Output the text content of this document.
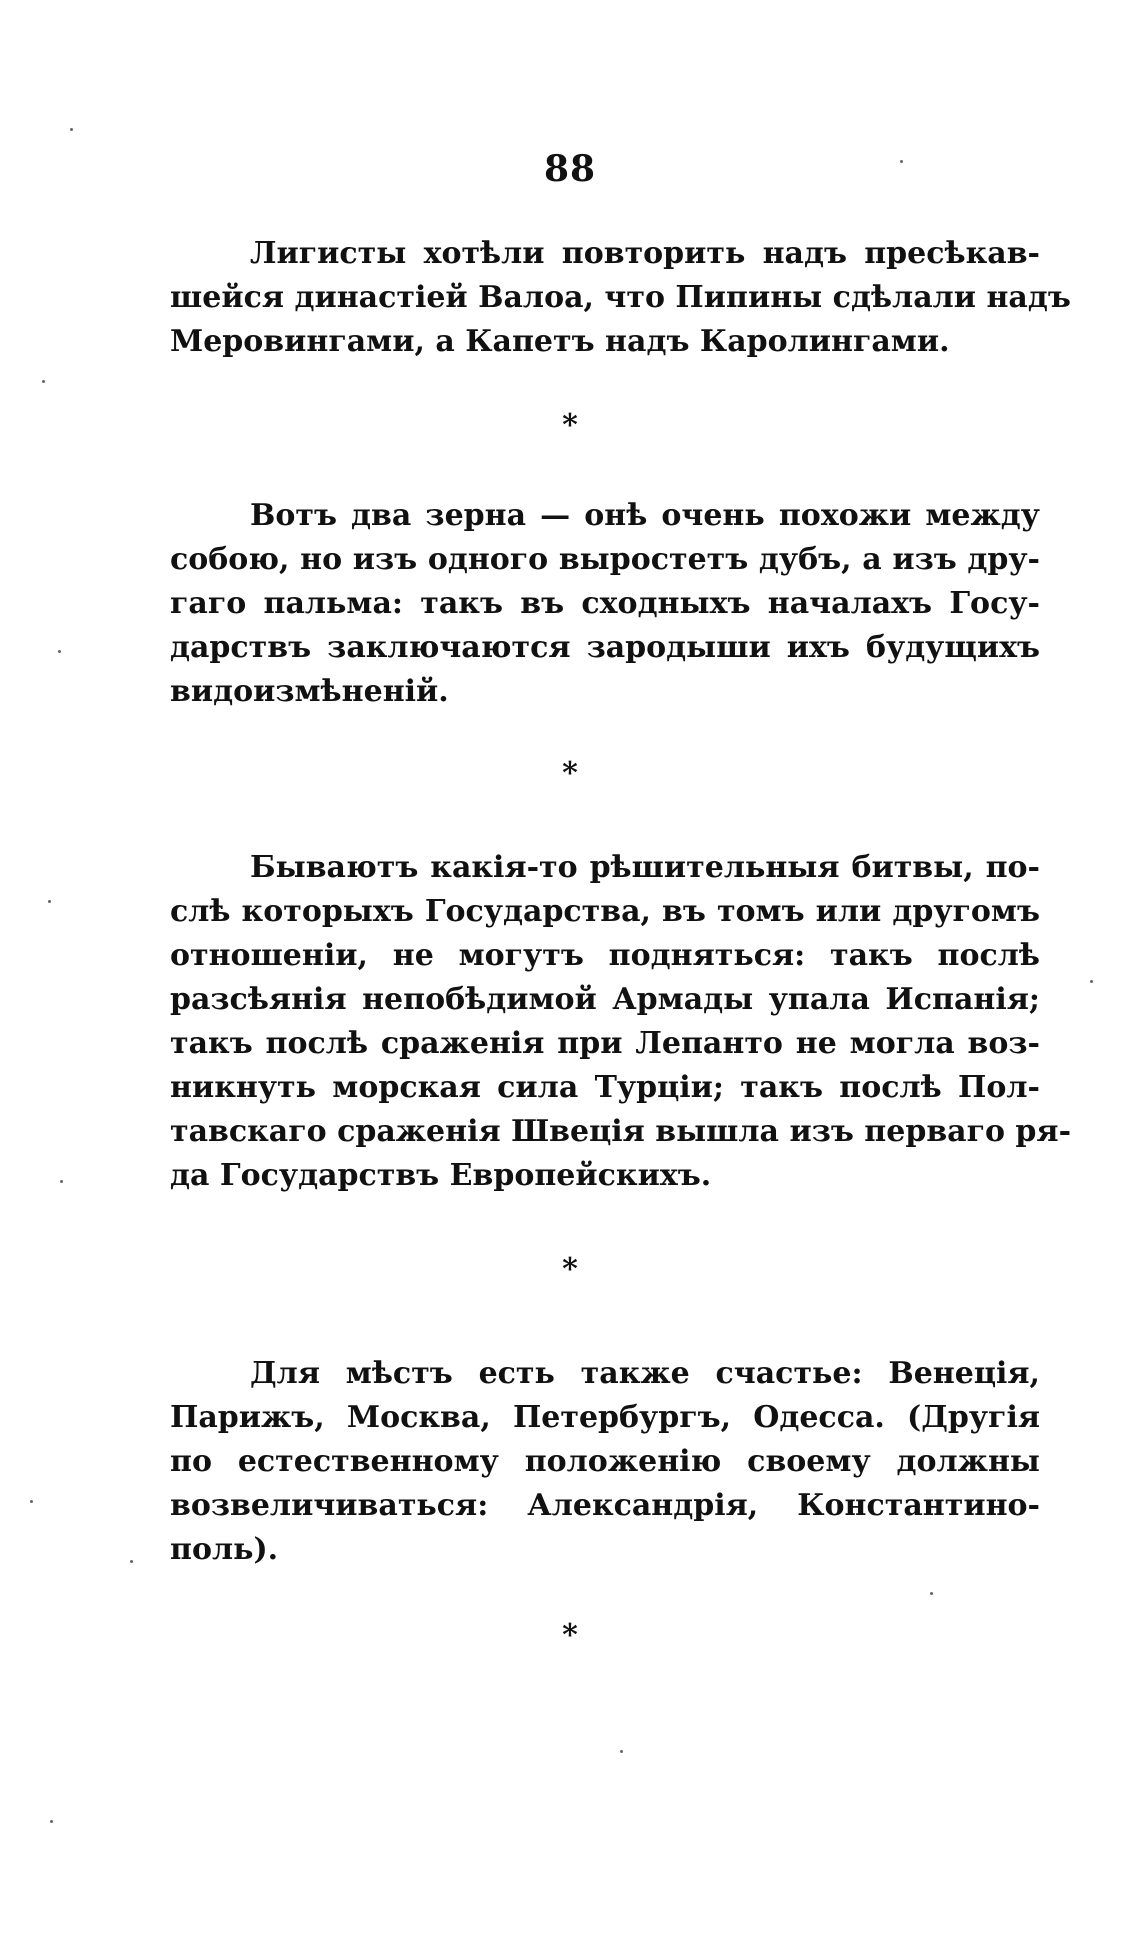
88

Лигисты хотѣли повторить надъ пресѣкав-
шейся династіей Валоа, что Пипины сдѣлали надъ
Меровингами, а Капетъ надъ Каролингами.

*

Вотъ два зерна — онѣ очень похожи между
собою, но изъ одного выростетъ дубъ, а изъ дру-
гаго пальма: такъ въ сходныхъ началахъ Госу-
дарствъ заключаются зародыши ихъ будущихъ
видоизмѣненій.

*

Бываютъ какія-то рѣшительныя битвы, по-
слѣ которыхъ Государства, въ томъ или другомъ
отношеніи, не могутъ подняться: такъ послѣ
разсѣянія непобѣдимой Армады упала Испанія;
такъ послѣ сраженія при Лепанто не могла воз-
никнуть морская сила Турціи; такъ послѣ Пол-
тавскаго сраженія Швеція вышла изъ перваго ря-
да Государствъ Европейскихъ.

*

Для мѣстъ есть также счастье: Венеція,
Парижъ, Москва, Петербургъ, Одесса. (Другія
по естественному положенію своему должны
возвеличиваться: Александрія, Константино-
поль).

*
